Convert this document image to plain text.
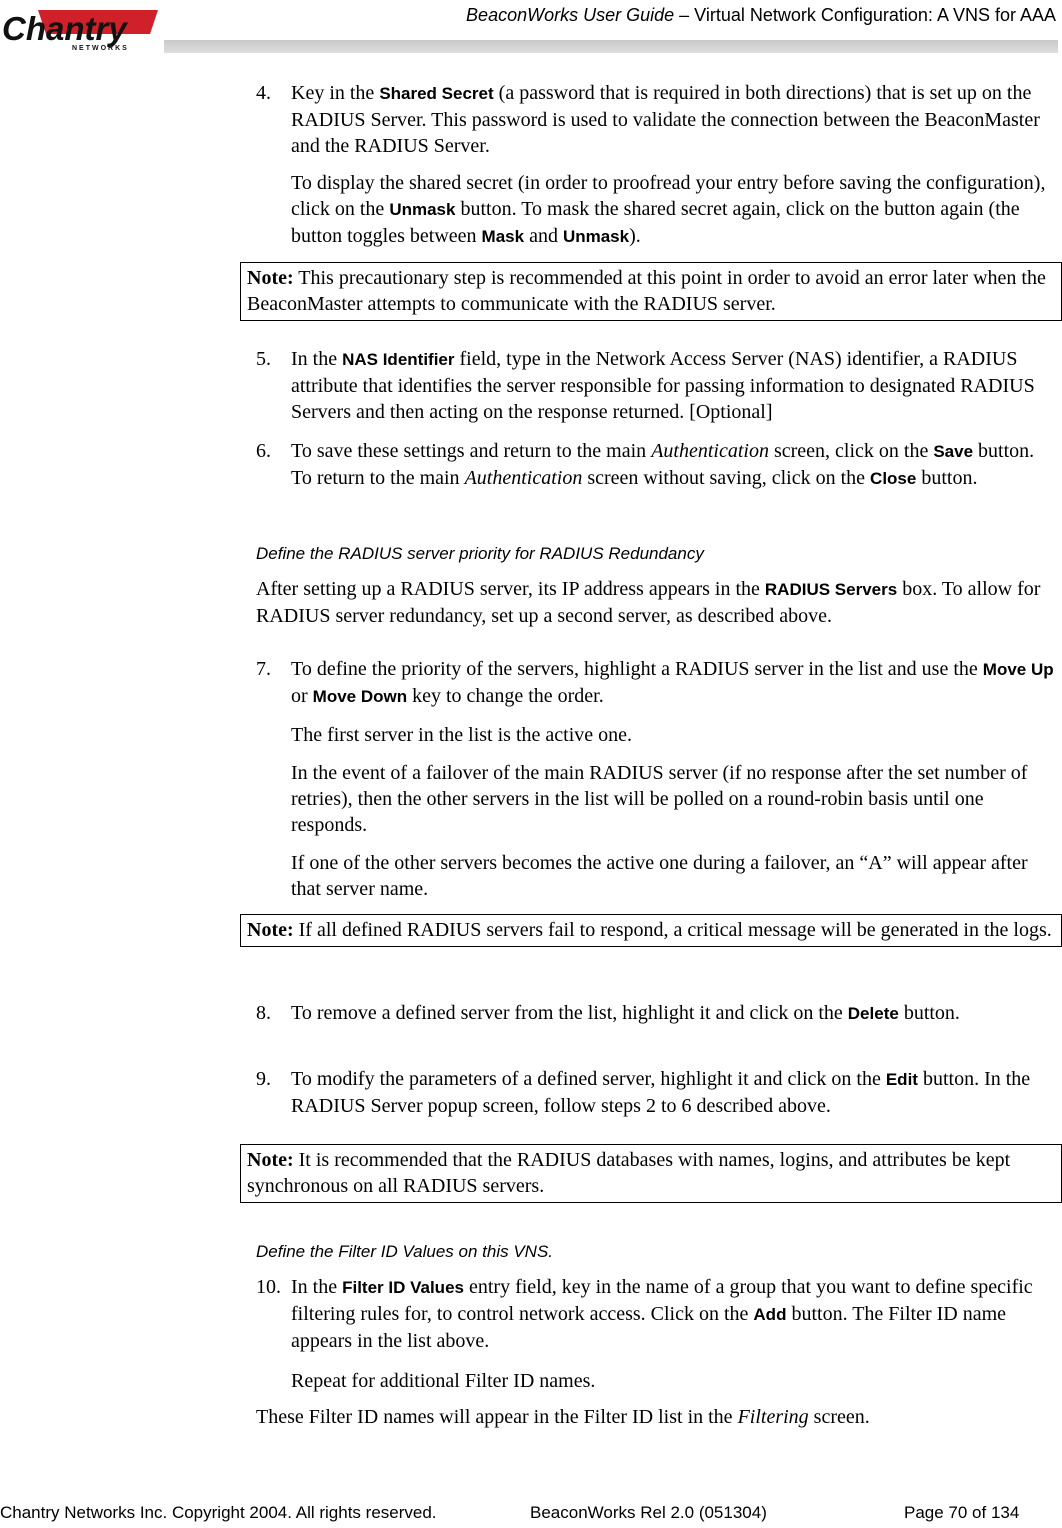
Chantry
NETWORKS
BeaconWorks User Guide – Virtual Network Configuration: A VNS for AAA
4. Key in the Shared Secret (a password that is required in both directions) that is set up on the RADIUS Server. This password is used to validate the connection between the BeaconMaster and the RADIUS Server.
To display the shared secret (in order to proofread your entry before saving the configuration), click on the Unmask button. To mask the shared secret again, click on the button again (the button toggles between Mask and Unmask).
Note: This precautionary step is recommended at this point in order to avoid an error later when the BeaconMaster attempts to communicate with the RADIUS server.
5. In the NAS Identifier field, type in the Network Access Server (NAS) identifier, a RADIUS attribute that identifies the server responsible for passing information to designated RADIUS Servers and then acting on the response returned. [Optional]
6. To save these settings and return to the main Authentication screen, click on the Save button. To return to the main Authentication screen without saving, click on the Close button.
Define the RADIUS server priority for RADIUS Redundancy
After setting up a RADIUS server, its IP address appears in the RADIUS Servers box. To allow for RADIUS server redundancy, set up a second server, as described above.
7. To define the priority of the servers, highlight a RADIUS server in the list and use the Move Up or Move Down key to change the order.
The first server in the list is the active one.
In the event of a failover of the main RADIUS server (if no response after the set number of retries), then the other servers in the list will be polled on a round-robin basis until one responds.
If one of the other servers becomes the active one during a failover, an “A” will appear after that server name.
Note: If all defined RADIUS servers fail to respond, a critical message will be generated in the logs.
8. To remove a defined server from the list, highlight it and click on the Delete button.
9. To modify the parameters of a defined server, highlight it and click on the Edit button. In the RADIUS Server popup screen, follow steps 2 to 6 described above.
Note: It is recommended that the RADIUS databases with names, logins, and attributes be kept synchronous on all RADIUS servers.
Define the Filter ID Values on this VNS.
10. In the Filter ID Values entry field, key in the name of a group that you want to define specific filtering rules for, to control network access. Click on the Add button. The Filter ID name appears in the list above.
Repeat for additional Filter ID names.
These Filter ID names will appear in the Filter ID list in the Filtering screen.
Chantry Networks Inc. Copyright 2004. All rights reserved.	BeaconWorks Rel 2.0 (051304)	Page 70 of 134
